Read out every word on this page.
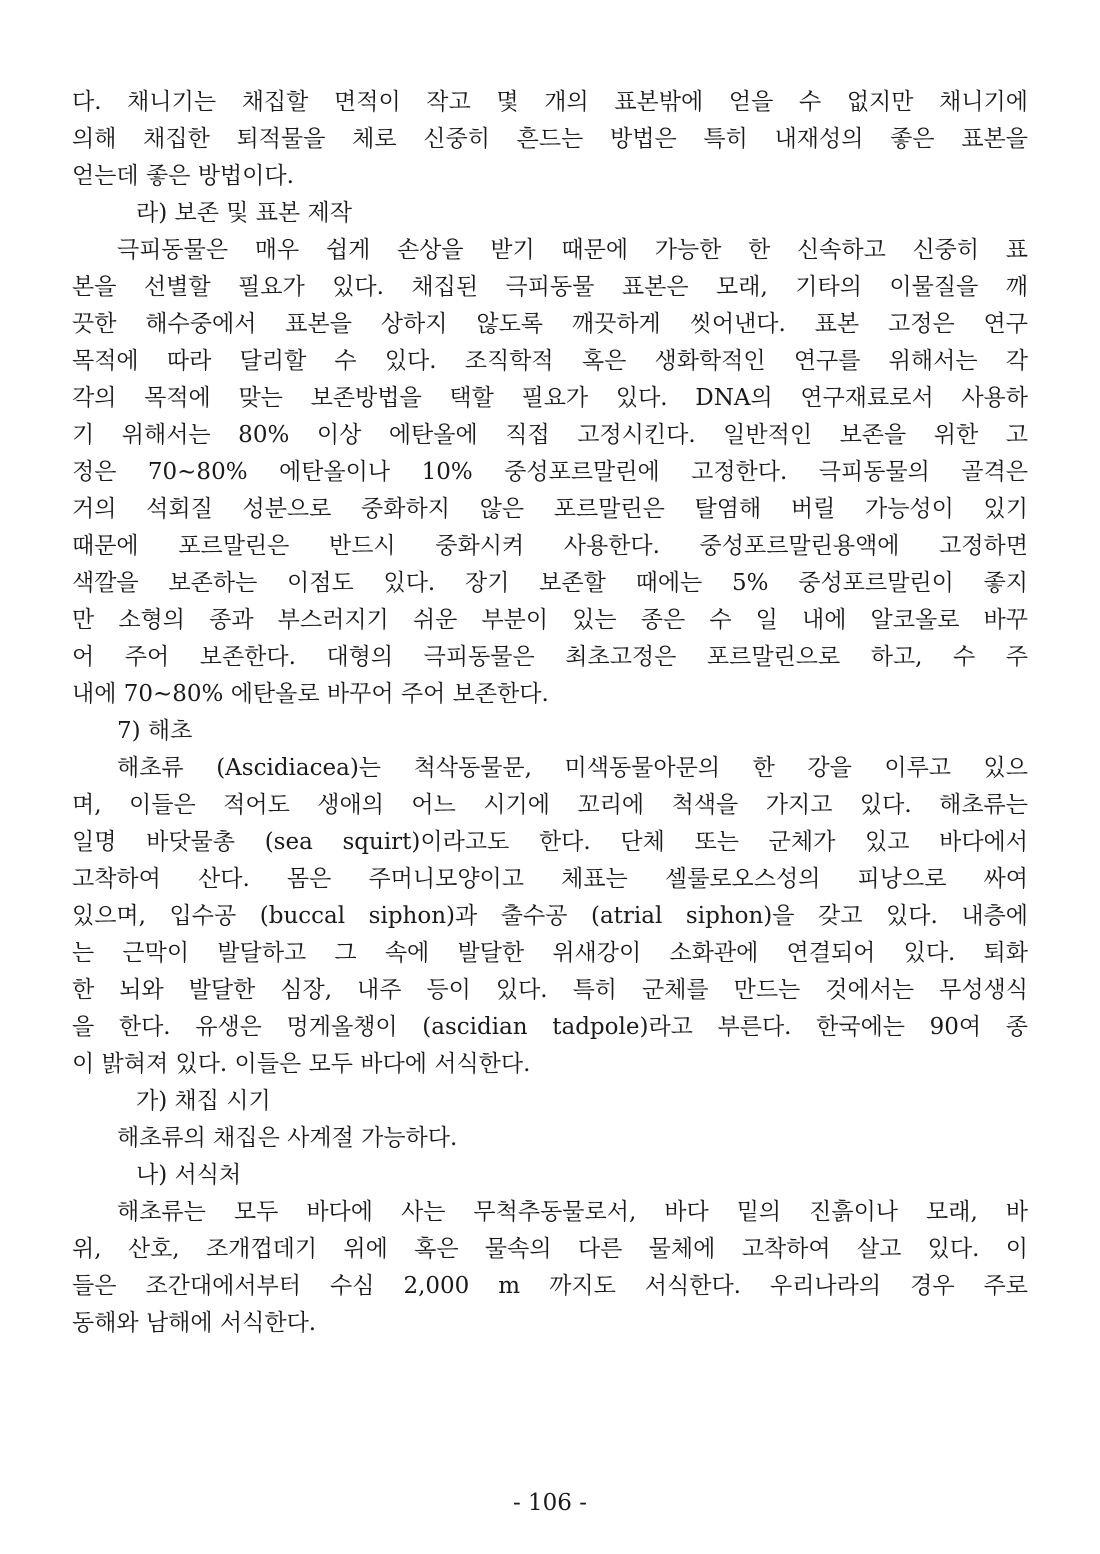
다. 채니기는 채집할 면적이 작고 몇 개의 표본밖에 얻을 수 없지만 채니기에
의해 채집한 퇴적물을 체로 신중히 흔드는 방법은 특히 내재성의 좋은 표본을
얻는데 좋은 방법이다.
라) 보존 및 표본 제작
극피동물은 매우 쉽게 손상을 받기 때문에 가능한 한 신속하고 신중히 표
본을 선별할 필요가 있다. 채집된 극피동물 표본은 모래, 기타의 이물질을 깨
끗한 해수중에서 표본을 상하지 않도록 깨끗하게 씻어낸다. 표본 고정은 연구
목적에 따라 달리할 수 있다. 조직학적 혹은 생화학적인 연구를 위해서는 각
각의 목적에 맞는 보존방법을 택할 필요가 있다. DNA의 연구재료로서 사용하
기 위해서는 80% 이상 에탄올에 직접 고정시킨다. 일반적인 보존을 위한 고
정은 70∼80% 에탄올이나 10% 중성포르말린에 고정한다. 극피동물의 골격은
거의 석회질 성분으로 중화하지 않은 포르말린은 탈염해 버릴 가능성이 있기
때문에 포르말린은 반드시 중화시켜 사용한다. 중성포르말린용액에 고정하면
색깔을 보존하는 이점도 있다. 장기 보존할 때에는 5% 중성포르말린이 좋지
만 소형의 종과 부스러지기 쉬운 부분이 있는 종은 수 일 내에 알코올로 바꾸
어 주어 보존한다. 대형의 극피동물은 최초고정은 포르말린으로 하고, 수 주
내에 70∼80% 에탄올로 바꾸어 주어 보존한다.
7) 해초
해초류 (Ascidiacea)는 척삭동물문, 미색동물아문의 한 강을 이루고 있으
며, 이들은 적어도 생애의 어느 시기에 꼬리에 척색을 가지고 있다. 해초류는
일명 바닷물총 (sea squirt)이라고도 한다. 단체 또는 군체가 있고 바다에서
고착하여 산다. 몸은 주머니모양이고 체표는 셀룰로오스성의 피낭으로 싸여
있으며, 입수공 (buccal siphon)과 출수공 (atrial siphon)을 갖고 있다. 내층에
는 근막이 발달하고 그 속에 발달한 위새강이 소화관에 연결되어 있다. 퇴화
한 뇌와 발달한 심장, 내주 등이 있다. 특히 군체를 만드는 것에서는 무성생식
을 한다. 유생은 멍게올챙이 (ascidian tadpole)라고 부른다. 한국에는 90여 종
이 밝혀져 있다. 이들은 모두 바다에 서식한다.
가) 채집 시기
해초류의 채집은 사계절 가능하다.
나) 서식처
해초류는 모두 바다에 사는 무척추동물로서, 바다 밑의 진흙이나 모래, 바
위, 산호, 조개껍데기 위에 혹은 물속의 다른 물체에 고착하여 살고 있다. 이
들은 조간대에서부터 수심 2,000 m 까지도 서식한다. 우리나라의 경우 주로
동해와 남해에 서식한다.
- 106 -
